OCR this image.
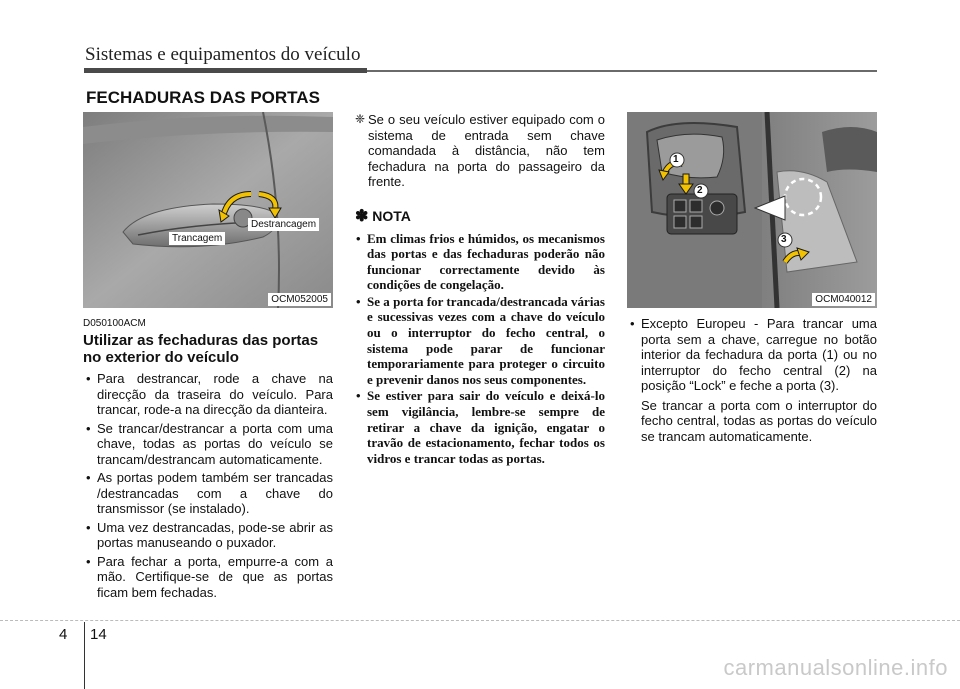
Sistemas e equipamentos do veículo
FECHADURAS DAS PORTAS
Trancagem
Destrancagem
OCM052005
D050100ACM
Utilizar as fechaduras das portas
no exterior do veículo
• Para destrancar, rode a chave na direcção da traseira do veículo. Para trancar, rode-a na direcção da dianteira.
• Se trancar/destrancar a porta com uma chave, todas as portas do veículo se trancam/destrancam automaticamente.
• As portas podem também ser trancadas /destrancadas com a chave do transmissor (se instalado).
• Uma vez destrancadas, pode-se abrir as portas manuseando o puxador.
• Para fechar a porta, empurre-a com a mão. Certifique-se de que as portas ficam bem fechadas.
❈ Se o seu veículo estiver equipado com o sistema de entrada sem chave comandada à distância, não tem fechadura na porta do passageiro da frente.
✽ NOTA
• Em climas frios e húmidos, os mecanismos das portas e das fechaduras poderão não funcionar correctamente devido às condições de congelação.
• Se a porta for trancada/destrancada várias e sucessivas vezes com a chave do veículo ou o interruptor do fecho central, o sistema pode parar de funcionar temporariamente para proteger o circuito e prevenir danos nos seus componentes.
• Se estiver para sair do veículo e deixá-lo sem vigilância, lembre-se sempre de retirar a chave da ignição, engatar o travão de estacionamento, fechar todos os vidros e trancar todas as portas.
1
2
3
OCM040012
• Excepto Europeu - Para trancar uma porta sem a chave, carregue no botão interior da fechadura da porta (1) ou no interruptor do fecho central (2) na posição “Lock” e feche a porta (3).
Se trancar a porta com o interruptor do fecho central, todas as portas do veículo se trancam automaticamente.
4 14
carmanualsonline.info
